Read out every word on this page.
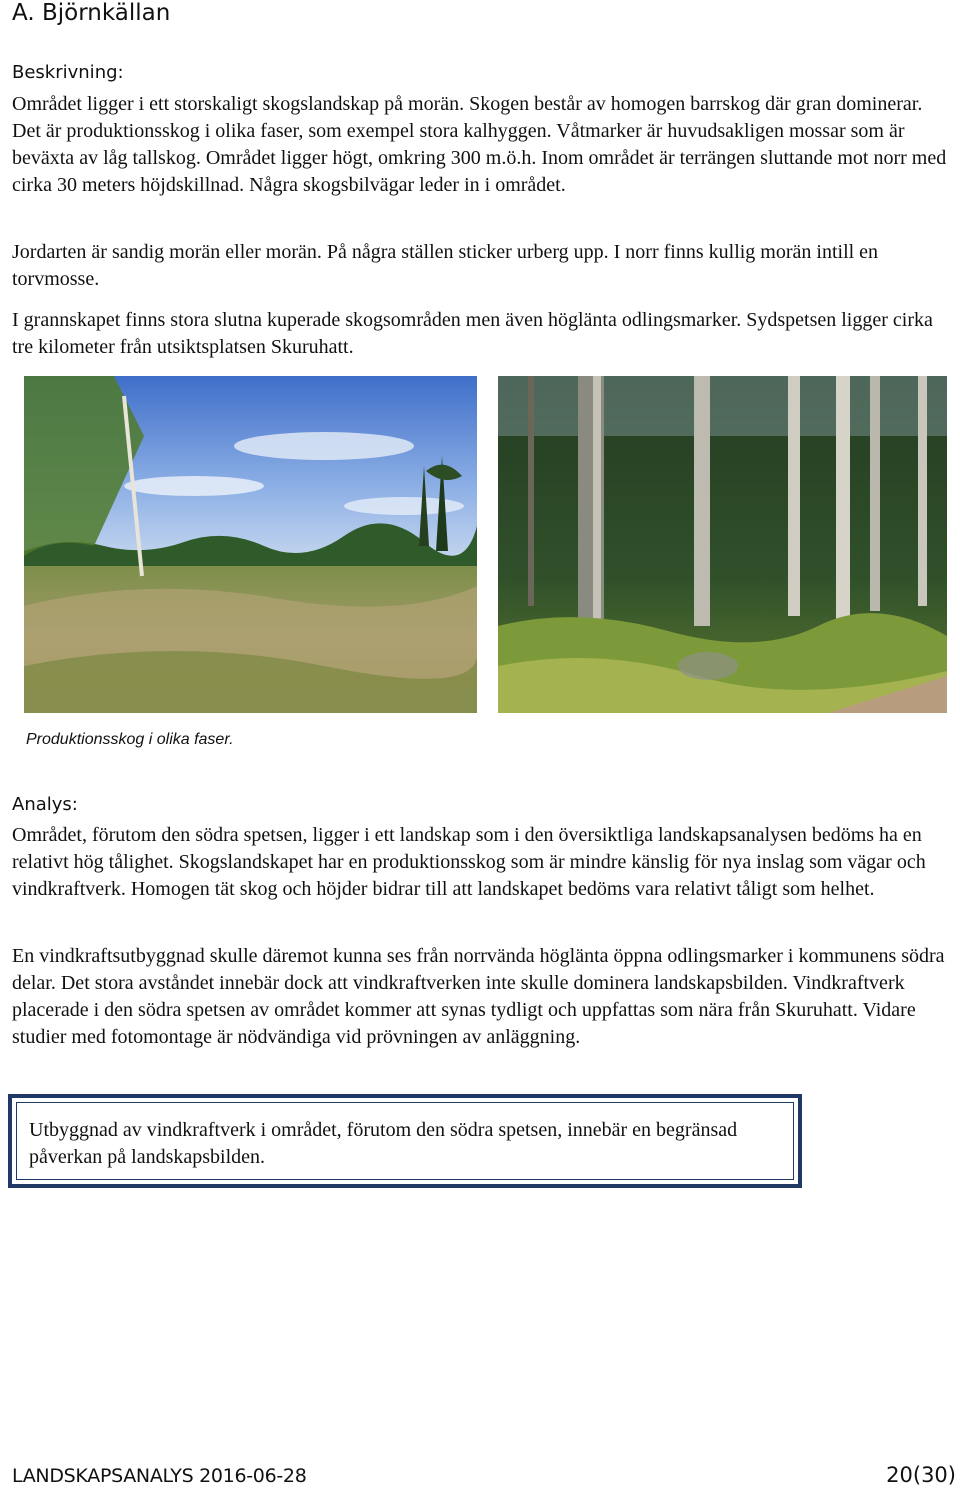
A. Björnkällan
Beskrivning:

Området ligger i ett storskaligt skogslandskap på morän. Skogen består av homogen barrskog där gran dominerar. Det är produktionsskog i olika faser, som exempel stora kalhyggen. Våtmarker är huvudsakligen mossar som är beväxta av låg tallskog. Området ligger högt, omkring 300 m.ö.h. Inom området är terrängen sluttande mot norr med cirka 30 meters höjdskillnad. Några skogsbilvägar leder in i området.

Jordarten är sandig morän eller morän. På några ställen sticker urberg upp. I norr finns kullig morän intill en torvmosse.

I grannskapet finns stora slutna kuperade skogsområden men även högläntа odlingsmarker. Sydspetsen ligger cirka tre kilometer från utsiktsplatsen Skuruhatt.

Produktionsskog i olika faser.
Analys:

Området, förutom den södra spetsen, ligger i ett landskap som i den översiktliga landskapsanalysen bedöms ha en relativt hög tålighet. Skogslandskapet har en produktionsskog som är mindre känslig för nya inslag som vägar och vindkraftverk. Homogen tät skog och höjder bidrar till att landskapet bedöms vara relativt tåligt som helhet.

En vindkraftsutbyggnad skulle däremot kunna ses från norrvända högläntа öppna odlingsmarker i kommunens södra delar. Det stora avståndet innebär dock att vindkraftverken inte skulle dominera landskapsbilden. Vindkraftverk placerade i den södra spetsen av området kommer att synas tydligt och uppfattas som nära från Skuruhatt. Vidare studier med fotomontage är nödvändiga vid prövningen av anläggning.

Utbyggnad av vindkraftverk i området, förutom den södra spetsen, innebär en begränsad påverkan på landskapsbilden.

LANDSKAPSANALYS 2016-06-28	20(30)
